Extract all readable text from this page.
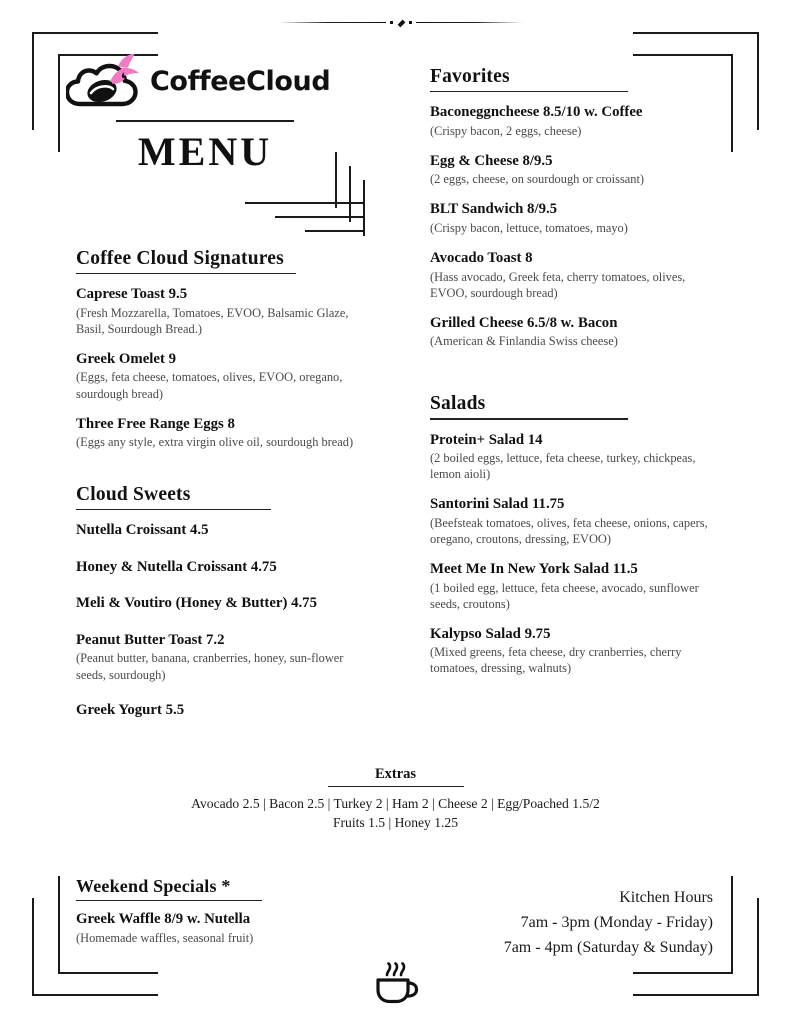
CoffeeCloud
MENU
Coffee Cloud Signatures
Caprese Toast 9.5
(Fresh Mozzarella, Tomatoes, EVOO, Balsamic Glaze, Basil, Sourdough Bread.)
Greek Omelet 9
(Eggs, feta cheese, tomatoes, olives, EVOO, oregano, sourdough bread)
Three Free Range Eggs 8
(Eggs any style, extra virgin olive oil, sourdough bread)
Cloud Sweets
Nutella Croissant 4.5
Honey & Nutella Croissant 4.75
Meli & Voutiro (Honey & Butter) 4.75
Peanut Butter Toast 7.2
(Peanut butter, banana, cranberries, honey, sun-flower seeds, sourdough)
Greek Yogurt 5.5
Favorites
Baconeggncheese 8.5/10 w. Coffee
(Crispy bacon, 2 eggs, cheese)
Egg & Cheese 8/9.5
(2 eggs, cheese, on sourdough or croissant)
BLT Sandwich 8/9.5
(Crispy bacon, lettuce, tomatoes, mayo)
Avocado Toast 8
(Hass avocado, Greek feta, cherry tomatoes, olives, EVOO, sourdough bread)
Grilled Cheese 6.5/8 w. Bacon
(American & Finlandia Swiss cheese)
Salads
Protein+ Salad 14
(2 boiled eggs, lettuce, feta cheese, turkey, chickpeas, lemon aioli)
Santorini Salad 11.75
(Beefsteak tomatoes, olives, feta cheese, onions, capers, oregano, croutons, dressing, EVOO)
Meet Me In New York Salad 11.5
(1 boiled egg, lettuce, feta cheese, avocado, sunflower seeds, croutons)
Kalypso Salad 9.75
(Mixed greens, feta cheese, dry cranberries, cherry tomatoes, dressing, walnuts)
Extras
Avocado 2.5 | Bacon 2.5 | Turkey 2 | Ham 2 | Cheese 2 | Egg/Poached 1.5/2
Fruits 1.5 | Honey 1.25
Weekend Specials *
Greek Waffle 8/9 w. Nutella
(Homemade waffles, seasonal fruit)
Kitchen Hours
7am - 3pm (Monday - Friday)
7am - 4pm (Saturday & Sunday)
